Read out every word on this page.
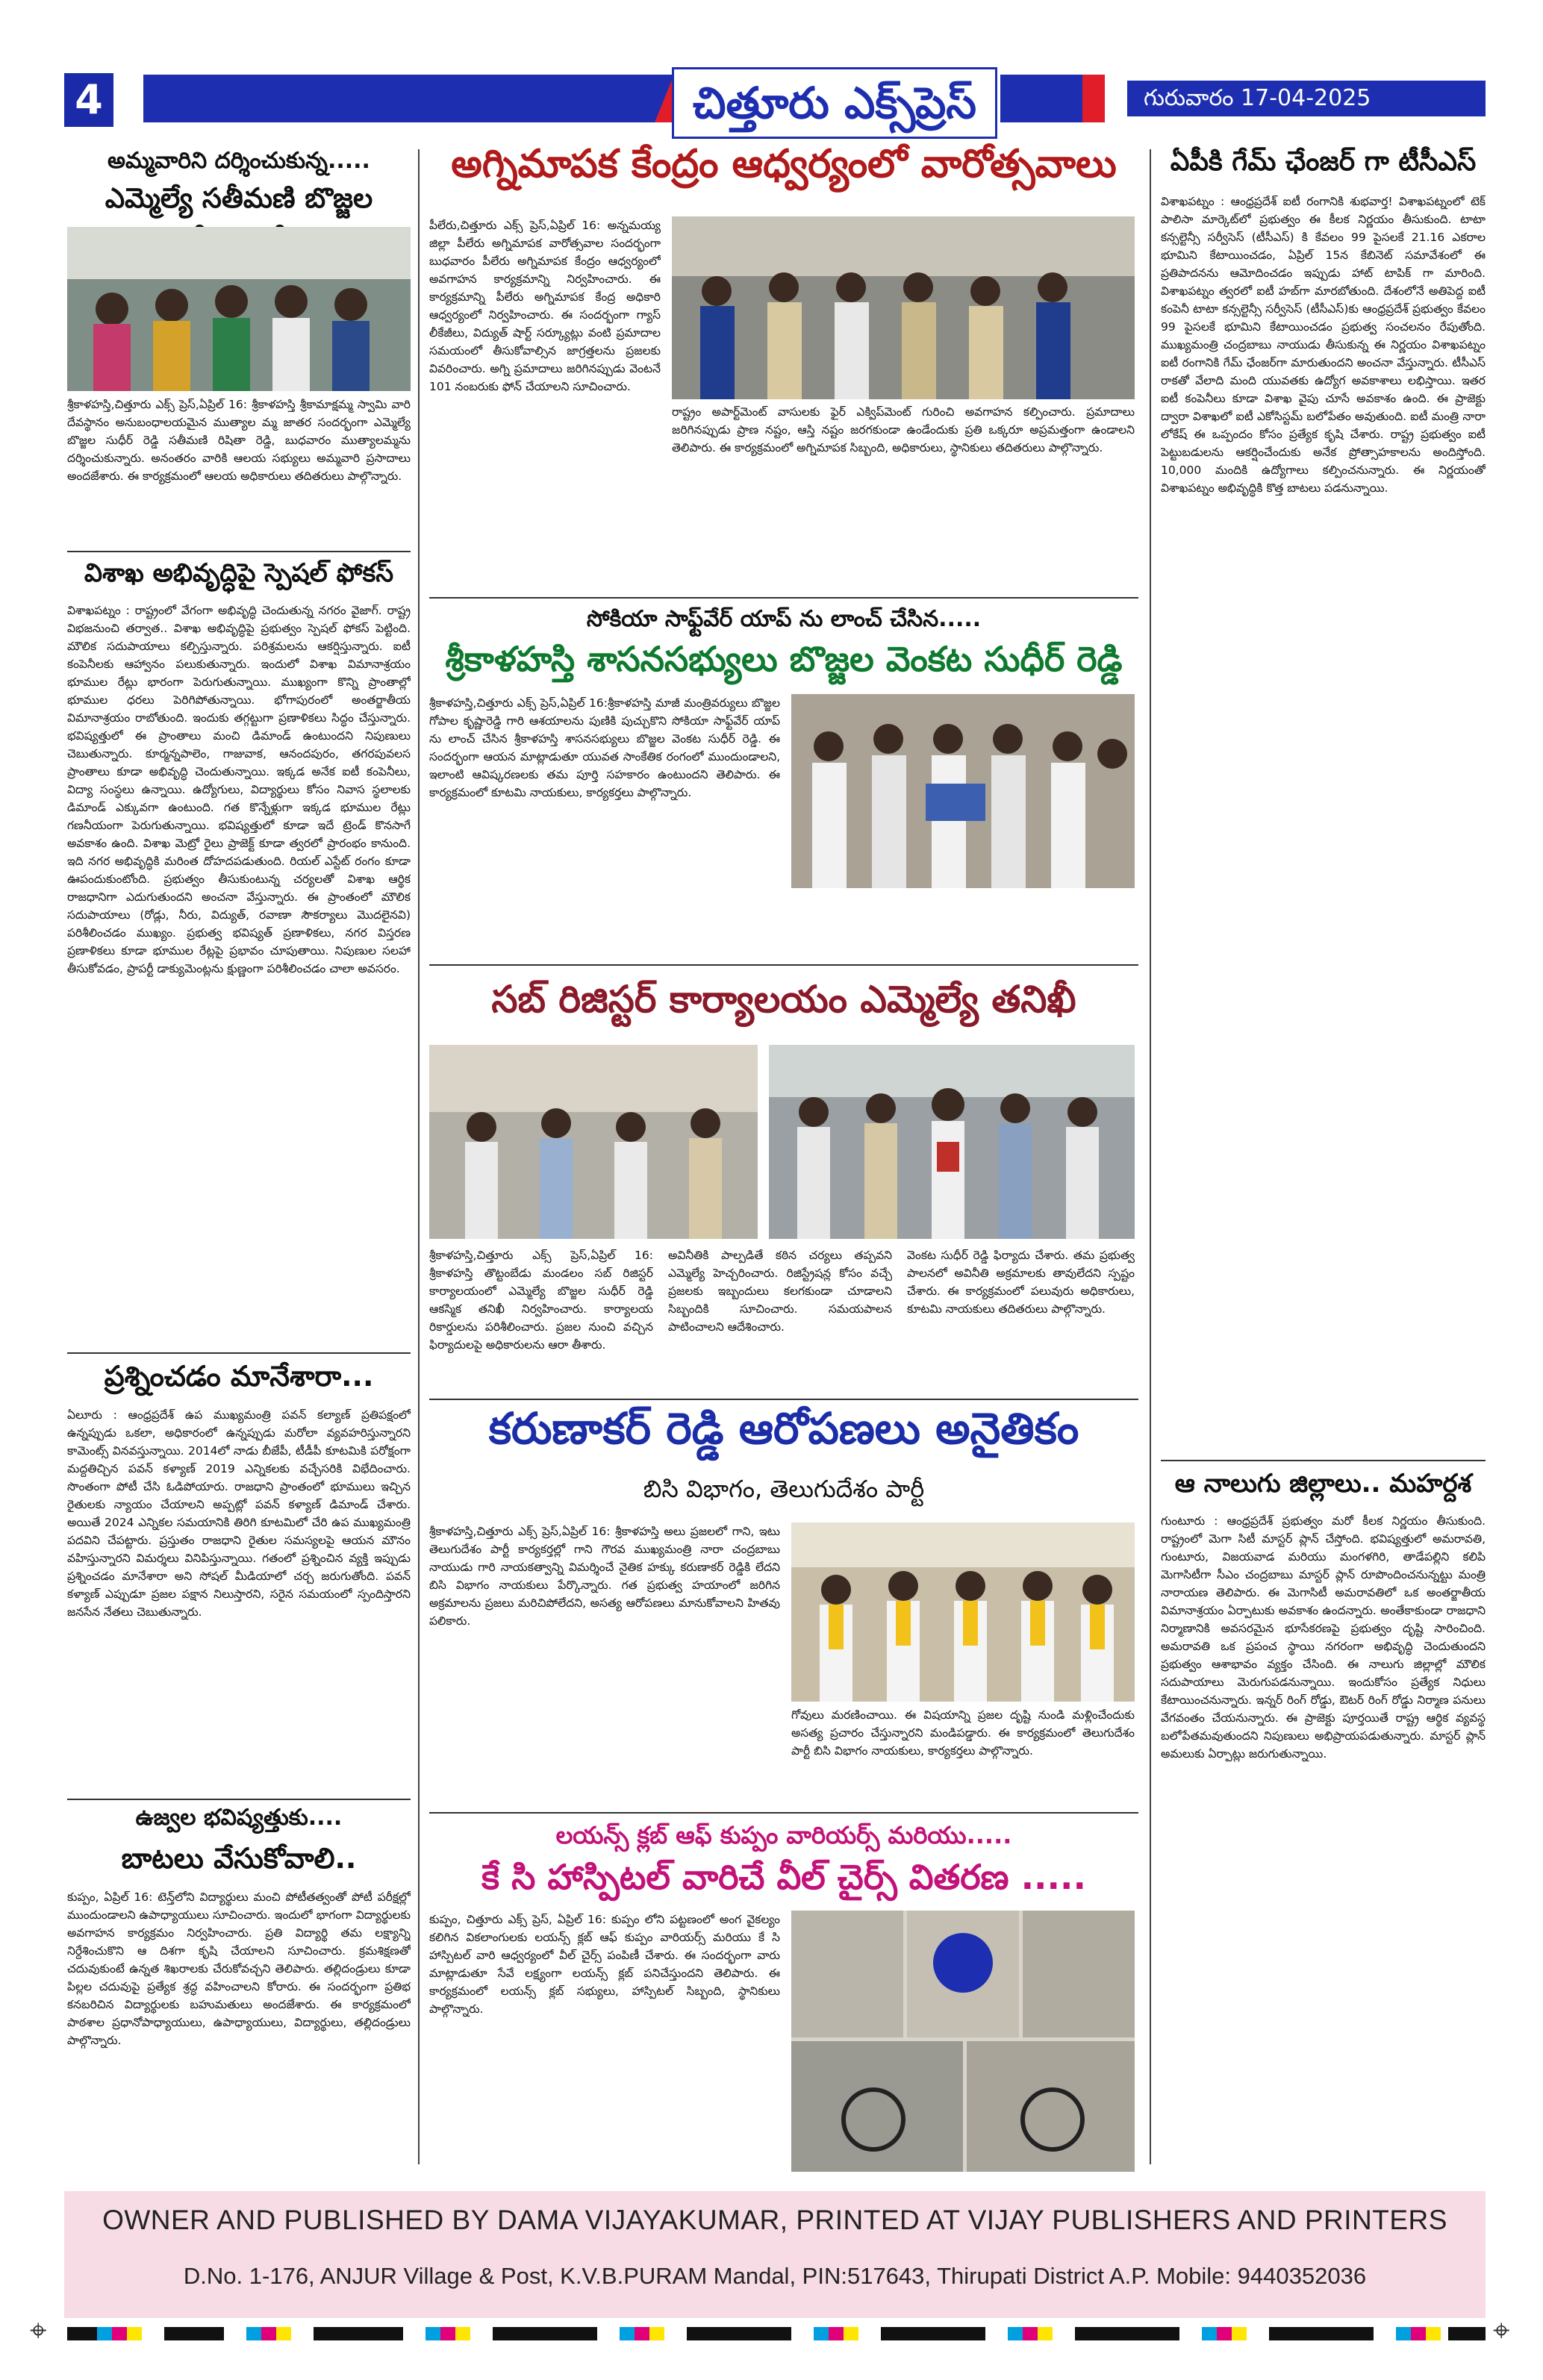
4	చిత్తూరు ఎక్స్‌ప్రెస్	గురువారం 17-04-2025
అమ్మవారిని దర్శించుకున్న.....
ఎమ్మెల్యే సతీమణి బొజ్జల
శ్రీకాళహస్తి,చిత్తూరు ఎక్స్ ప్రెస్,ఏప్రిల్ 16: శ్రీకాళహస్తి శ్రీకామాక్షమ్మ స్వామి వారి దేవస్థానం అనుబంధాలయమైన ముత్యాల మ్మ జాతర సందర్భంగా ఎమ్మెల్యే బొజ్జల సుధీర్ రెడ్డి సతీమణి రిషితా రెడ్డి, బుధవారం ముత్యాలమ్మను దర్శించుకున్నారు. అనంతరం వారికి ఆలయ సభ్యులు అమ్మవారి ప్రసాదాలు అందజేశారు. ఈ కార్యక్రమంలో ఆలయ అధికారులు తదితరులు పాల్గొన్నారు.
విశాఖ అభివృద్ధిపై స్పెషల్ ఫోకస్
విశాఖపట్నం : రాష్ట్రంలో వేగంగా అభివృద్ధి చెందుతున్న నగరం వైజాగ్. రాష్ట్ర విభజనుంచి తర్వాత.. విశాఖ అభివృద్ధిపై ప్రభుత్వం స్పెషల్ ఫోకస్ పెట్టింది. మౌలిక సదుపాయాలు కల్పిస్తున్నారు. పరిశ్రమలను ఆకర్షిస్తున్నారు. ఐటీ కంపెనీలకు ఆహ్వానం పలుకుతున్నారు. ఇందులో విశాఖ విమానాశ్రయం భూముల రేట్లు భారంగా పెరుగుతున్నాయి. ముఖ్యంగా కొన్ని ప్రాంతాల్లో భూముల ధరలు పెరిగిపోతున్నాయి. భోగాపురంలో అంతర్జాతీయ విమానాశ్రయం రాబోతుంది. ఇందుకు తగ్గట్టుగా ప్రణాళికలు సిద్ధం చేస్తున్నారు. భవిష్యత్తులో ఈ ప్రాంతాలు మంచి డిమాండ్ ఉంటుందని నిపుణులు చెబుతున్నారు. కూర్మన్నపాలెం, గాజువాక, ఆనందపురం, తగరపువలస ప్రాంతాలు కూడా అభివృద్ధి చెందుతున్నాయి. ఇక్కడ అనేక ఐటీ కంపెనీలు, విద్యా సంస్థలు ఉన్నాయి. ఉద్యోగులు, విద్యార్థులు కోసం నివాస స్థలాలకు డిమాండ్ ఎక్కువగా ఉంటుంది. గత కొన్నేళ్లుగా ఇక్కడ భూముల రేట్లు గణనీయంగా పెరుగుతున్నాయి. భవిష్యత్తులో కూడా ఇదే ట్రెండ్ కొనసాగే అవకాశం ఉంది. విశాఖ మెట్రో రైలు ప్రాజెక్ట్ కూడా త్వరలో ప్రారంభం కానుంది. ఇది నగర అభివృద్ధికి మరింత దోహదపడుతుంది. రియల్ ఎస్టేట్ రంగం కూడా ఊపందుకుంటోంది. ప్రభుత్వం తీసుకుంటున్న చర్యలతో విశాఖ ఆర్థిక రాజధానిగా ఎదుగుతుందని అంచనా వేస్తున్నారు. ఈ ప్రాంతంలో మౌలిక సదుపాయాలు (రోడ్లు, నీరు, విద్యుత్, రవాణా సౌకర్యాలు మొదలైనవి) పరిశీలించడం ముఖ్యం. ప్రభుత్వ భవిష్యత్ ప్రణాళికలు, నగర విస్తరణ ప్రణాళికలు కూడా భూముల రేట్లపై ప్రభావం చూపుతాయి. నిపుణుల సలహా తీసుకోవడం, ప్రాపర్టీ డాక్యుమెంట్లను క్షుణ్ణంగా పరిశీలించడం చాలా అవసరం.
ప్రశ్నించడం మానేశారా...
ఏలూరు : ఆంధ్రప్రదేశ్ ఉప ముఖ్యమంత్రి పవన్ కల్యాణ్ ప్రతిపక్షంలో ఉన్నప్పుడు ఒకలా, అధికారంలో ఉన్నప్పుడు మరోలా వ్యవహరిస్తున్నారని కామెంట్స్ వినవస్తున్నాయి. 2014లో నాడు బీజేపీ, టీడీపీ కూటమికి పరోక్షంగా మద్దతిచ్చిన పవన్ కళ్యాణ్ 2019 ఎన్నికలకు వచ్చేసరికి విభేదించారు. సొంతంగా పోటీ చేసి ఓడిపోయారు. రాజధాని ప్రాంతంలో భూములు ఇచ్చిన రైతులకు న్యాయం చేయాలని అప్పట్లో పవన్ కళ్యాణ్ డిమాండ్ చేశారు. అయితే 2024 ఎన్నికల సమయానికి తిరిగి కూటమిలో చేరి ఉప ముఖ్యమంత్రి పదవిని చేపట్టారు. ప్రస్తుతం రాజధాని రైతుల సమస్యలపై ఆయన మౌనం వహిస్తున్నారని విమర్శలు వినిపిస్తున్నాయి. గతంలో ప్రశ్నించిన వ్యక్తి ఇప్పుడు ప్రశ్నించడం మానేశారా అని సోషల్ మీడియాలో చర్చ జరుగుతోంది. పవన్ కళ్యాణ్ ఎప్పుడూ ప్రజల పక్షాన నిలుస్తారని, సరైన సమయంలో స్పందిస్తారని జనసేన నేతలు చెబుతున్నారు.
ఉజ్వల భవిష్యత్తుకు....
బాటలు వేసుకోవాలి..
కుప్పం, ఏప్రిల్ 16: టెన్త్‌లోని విద్యార్థులు మంచి పోటీతత్వంతో పోటీ పరీక్షల్లో ముందుండాలని ఉపాధ్యాయులు సూచించారు. ఇందులో భాగంగా విద్యార్థులకు అవగాహన కార్యక్రమం నిర్వహించారు. ప్రతి విద్యార్థి తమ లక్ష్యాన్ని నిర్దేశించుకొని ఆ దిశగా కృషి చేయాలని సూచించారు. క్రమశిక్షణతో చదువుకుంటే ఉన్నత శిఖరాలకు చేరుకోవచ్చని తెలిపారు. తల్లిదండ్రులు కూడా పిల్లల చదువుపై ప్రత్యేక శ్రద్ధ వహించాలని కోరారు. ఈ సందర్భంగా ప్రతిభ కనబరిచిన విద్యార్థులకు బహుమతులు అందజేశారు. ఈ కార్యక్రమంలో పాఠశాల ప్రధానోపాధ్యాయులు, ఉపాధ్యాయులు, విద్యార్థులు, తల్లిదండ్రులు పాల్గొన్నారు.
అగ్నిమాపక కేంద్రం ఆధ్వర్యంలో వారోత్సవాలు
పీలేరు,చిత్తూరు ఎక్స్ ప్రెస్,ఏప్రిల్ 16: అన్నమయ్య జిల్లా పీలేరు అగ్నిమాపక వారోత్సవాల సందర్భంగా బుధవారం పీలేరు అగ్నిమాపక కేంద్రం ఆధ్వర్యంలో అవగాహన కార్యక్రమాన్ని నిర్వహించారు. ఈ కార్యక్రమాన్ని పీలేరు అగ్నిమాపక కేంద్ర అధికారి ఆధ్వర్యంలో నిర్వహించారు. ఈ సందర్భంగా గ్యాస్ లీకేజీలు, విద్యుత్ షార్ట్ సర్క్యూట్లు వంటి ప్రమాదాల సమయంలో తీసుకోవాల్సిన జాగ్రత్తలను ప్రజలకు వివరించారు. అగ్ని ప్రమాదాలు జరిగినప్పుడు వెంటనే 101 నంబరుకు ఫోన్ చేయాలని సూచించారు.
రాష్ట్రం అపార్ట్‌మెంట్ వాసులకు ఫైర్ ఎక్విప్‌మెంట్ గురించి అవగాహన కల్పించారు. ప్రమాదాలు జరిగినప్పుడు ప్రాణ నష్టం, ఆస్తి నష్టం జరగకుండా ఉండేందుకు ప్రతి ఒక్కరూ అప్రమత్తంగా ఉండాలని తెలిపారు. ఈ కార్యక్రమంలో అగ్నిమాపక సిబ్బంది, అధికారులు, స్థానికులు తదితరులు పాల్గొన్నారు.
సోకియా సాఫ్ట్‌వేర్ యాప్ ను లాంచ్ చేసిన.....
శ్రీకాళహస్తి శాసనసభ్యులు బొజ్జల వెంకట సుధీర్ రెడ్డి
శ్రీకాళహస్తి,చిత్తూరు ఎక్స్ ప్రెస్,ఏప్రిల్ 16:శ్రీకాళహస్తి మాజీ మంత్రివర్యులు బొజ్జల గోపాల కృష్ణారెడ్డి గారి ఆశయాలను పుణికి పుచ్చుకొని సోకియా సాఫ్ట్‌వేర్ యాప్ ను లాంచ్ చేసిన శ్రీకాళహస్తి శాసనసభ్యులు బొజ్జల వెంకట సుధీర్ రెడ్డి. ఈ సందర్భంగా ఆయన మాట్లాడుతూ యువత సాంకేతిక రంగంలో ముందుండాలని, ఇలాంటి ఆవిష్కరణలకు తమ పూర్తి సహకారం ఉంటుందని తెలిపారు. ఈ కార్యక్రమంలో కూటమి నాయకులు, కార్యకర్తలు పాల్గొన్నారు.
సబ్ రిజిస్టర్ కార్యాలయం ఎమ్మెల్యే తనిఖీ
శ్రీకాళహస్తి,చిత్తూరు ఎక్స్ ప్రెస్,ఏప్రిల్ 16: శ్రీకాళహస్తి తొట్టంబేడు మండలం సబ్ రిజిస్టర్ కార్యాలయంలో ఎమ్మెల్యే బొజ్జల సుధీర్ రెడ్డి ఆకస్మిక తనిఖీ నిర్వహించారు. కార్యాలయ రికార్డులను పరిశీలించారు. ప్రజల నుంచి వచ్చిన ఫిర్యాదులపై అధికారులను ఆరా తీశారు.
అవినీతికి పాల్పడితే కఠిన చర్యలు తప్పవని ఎమ్మెల్యే హెచ్చరించారు. రిజిస్ట్రేషన్ల కోసం వచ్చే ప్రజలకు ఇబ్బందులు కలగకుండా చూడాలని సిబ్బందికి సూచించారు. సమయపాలన పాటించాలని ఆదేశించారు.
వెంకట సుధీర్ రెడ్డి ఫిర్యాదు చేశారు. తమ ప్రభుత్వ పాలనలో అవినీతి అక్రమాలకు తావులేదని స్పష్టం చేశారు. ఈ కార్యక్రమంలో పలువురు అధికారులు, కూటమి నాయకులు తదితరులు పాల్గొన్నారు.
కరుణాకర్ రెడ్డి ఆరోపణలు అనైతికం
బిసి విభాగం, తెలుగుదేశం పార్టీ
శ్రీకాళహస్తి,చిత్తూరు ఎక్స్ ప్రెస్,ఏప్రిల్ 16: శ్రీకాళహస్తి అలు ప్రజలలో గాని, ఇటు తెలుగుదేశం పార్టీ కార్యకర్తల్లో గాని గౌరవ ముఖ్యమంత్రి నారా చంద్రబాబు నాయుడు గారి నాయకత్వాన్ని విమర్శించే నైతిక హక్కు కరుణాకర్ రెడ్డికి లేదని బిసి విభాగం నాయకులు పేర్కొన్నారు. గత ప్రభుత్వ హయాంలో జరిగిన అక్రమాలను ప్రజలు మరిచిపోలేదని, అసత్య ఆరోపణలు మానుకోవాలని హితవు పలికారు.
గోవులు మరణించాయి. ఈ విషయాన్ని ప్రజల దృష్టి నుండి మళ్లించేందుకు అసత్య ప్రచారం చేస్తున్నారని మండిపడ్డారు. ఈ కార్యక్రమంలో తెలుగుదేశం పార్టీ బిసి విభాగం నాయకులు, కార్యకర్తలు పాల్గొన్నారు.
లయన్స్ క్లబ్ ఆఫ్ కుప్పం వారియర్స్ మరియు.....
కే సి హాస్పిటల్ వారిచే వీల్ చైర్స్ వితరణ .....
కుప్పం, చిత్తూరు ఎక్స్ ప్రెస్, ఏప్రిల్ 16: కుప్పం లోని పట్టణంలో అంగ వైకల్యం కలిగిన వికలాంగులకు లయన్స్ క్లబ్ ఆఫ్ కుప్పం వారియర్స్ మరియు కే సి హాస్పిటల్ వారి ఆధ్వర్యంలో వీల్ చైర్స్ పంపిణీ చేశారు. ఈ సందర్భంగా వారు మాట్లాడుతూ సేవే లక్ష్యంగా లయన్స్ క్లబ్ పనిచేస్తుందని తెలిపారు. ఈ కార్యక్రమంలో లయన్స్ క్లబ్ సభ్యులు, హాస్పిటల్ సిబ్బంది, స్థానికులు పాల్గొన్నారు.
ఏపీకి గేమ్ ఛేంజర్ గా టీసీఎస్
విశాఖపట్నం : ఆంధ్రప్రదేశ్ ఐటీ రంగానికి శుభవార్త! విశాఖపట్నంలో టెక్ పాలిసా మార్కెట్‌లో ప్రభుత్వం ఈ కీలక నిర్ణయం తీసుకుంది. టాటా కన్సల్టెన్సీ సర్వీసెస్ (టీసీఎస్) కి కేవలం 99 పైసలకే 21.16 ఎకరాల భూమిని కేటాయించడం, ఏప్రిల్ 15న కేబినెట్ సమావేశంలో ఈ ప్రతిపాదనను ఆమోదించడం ఇప్పుడు హాట్ టాపిక్ గా మారింది. విశాఖపట్నం త్వరలో ఐటీ హబ్‌గా మారబోతుంది. దేశంలోనే అతిపెద్ద ఐటీ కంపెనీ టాటా కన్సల్టెన్సీ సర్వీసెస్ (టీసీఎస్)కు ఆంధ్రప్రదేశ్ ప్రభుత్వం కేవలం 99 పైసలకే భూమిని కేటాయించడం ప్రభుత్వ సంచలనం రేపుతోంది. ముఖ్యమంత్రి చంద్రబాబు నాయుడు తీసుకున్న ఈ నిర్ణయం విశాఖపట్నం ఐటీ రంగానికి గేమ్ ఛేంజర్‌గా మారుతుందని అంచనా వేస్తున్నారు. టీసీఎస్ రాకతో వేలాది మంది యువతకు ఉద్యోగ అవకాశాలు లభిస్తాయి. ఇతర ఐటీ కంపెనీలు కూడా విశాఖ వైపు చూసే అవకాశం ఉంది. ఈ ప్రాజెక్టు ద్వారా విశాఖలో ఐటీ ఎకోసిస్టమ్ బలోపేతం అవుతుంది. ఐటీ మంత్రి నారా లోకేష్ ఈ ఒప్పందం కోసం ప్రత్యేక కృషి చేశారు. రాష్ట్ర ప్రభుత్వం ఐటీ పెట్టుబడులను ఆకర్షించేందుకు అనేక ప్రోత్సాహకాలను అందిస్తోంది. 10,000 మందికి ఉద్యోగాలు కల్పించనున్నారు. ఈ నిర్ణయంతో విశాఖపట్నం అభివృద్ధికి కొత్త బాటలు పడనున్నాయి.
ఆ నాలుగు జిల్లాలు.. మహర్దశ
గుంటూరు : ఆంధ్రప్రదేశ్ ప్రభుత్వం మరో కీలక నిర్ణయం తీసుకుంది. రాష్ట్రంలో మెగా సిటీ మాస్టర్ ప్లాన్ చేస్తోంది. భవిష్యత్తులో అమరావతి, గుంటూరు, విజయవాడ మరియు మంగళగిరి, తాడేపల్లిని కలిపి మెగాసిటీగా సీఎం చంద్రబాబు మాస్టర్ ప్లాన్ రూపొందించనున్నట్టు మంత్రి నారాయణ తెలిపారు. ఈ మెగాసిటీ అమరావతిలో ఒక అంతర్జాతీయ విమానాశ్రయం ఏర్పాటుకు అవకాశం ఉందన్నారు. అంతేకాకుండా రాజధాని నిర్మాణానికి అవసరమైన భూసేకరణపై ప్రభుత్వం దృష్టి సారించింది. అమరావతి ఒక ప్రపంచ స్థాయి నగరంగా అభివృద్ధి చెందుతుందని ప్రభుత్వం ఆశాభావం వ్యక్తం చేసింది. ఈ నాలుగు జిల్లాల్లో మౌలిక సదుపాయాలు మెరుగుపడనున్నాయి. ఇందుకోసం ప్రత్యేక నిధులు కేటాయించనున్నారు. ఇన్నర్ రింగ్ రోడ్డు, ఔటర్ రింగ్ రోడ్డు నిర్మాణ పనులు వేగవంతం చేయనున్నారు. ఈ ప్రాజెక్టు పూర్తయితే రాష్ట్ర ఆర్థిక వ్యవస్థ బలోపేతమవుతుందని నిపుణులు అభిప్రాయపడుతున్నారు. మాస్టర్ ప్లాన్ అమలుకు ఏర్పాట్లు జరుగుతున్నాయి.
OWNER AND PUBLISHED BY DAMA VIJAYAKUMAR, PRINTED AT VIJAY PUBLISHERS AND PRINTERS
D.No. 1-176, ANJUR Village & Post, K.V.B.PURAM Mandal, PIN:517643, Thirupati District A.P. Mobile: 9440352036
⌖	⌖
